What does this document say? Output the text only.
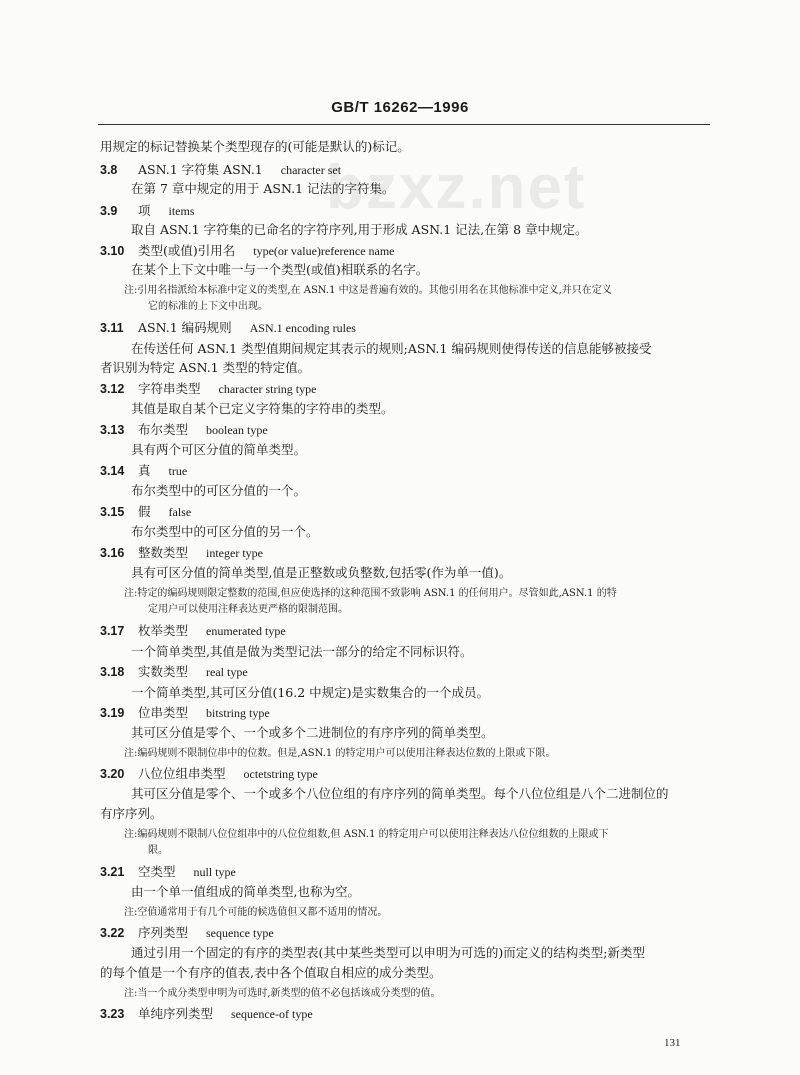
GB/T 16262—1996
bzxz.net
用规定的标记替换某个类型现存的(可能是默认的)标记。
3.8 ASN.1 字符集 ASN.1 character set
在第 7 章中规定的用于 ASN.1 记法的字符集。
3.9 项 items
取自 ASN.1 字符集的已命名的字符序列,用于形成 ASN.1 记法,在第 8 章中规定。
3.10 类型(或值)引用名 type(or value)reference name
在某个上下文中唯一与一个类型(或值)相联系的名字。
注:引用名指派给本标准中定义的类型,在 ASN.1 中这是普遍有效的。其他引用名在其他标准中定义,并只在定义
它的标准的上下文中出现。
3.11 ASN.1 编码规则 ASN.1 encoding rules
在传送任何 ASN.1 类型值期间规定其表示的规则;ASN.1 编码规则使得传送的信息能够被接受
者识别为特定 ASN.1 类型的特定值。
3.12 字符串类型 character string type
其值是取自某个已定义字符集的字符串的类型。
3.13 布尔类型 boolean type
具有两个可区分值的简单类型。
3.14 真 true
布尔类型中的可区分值的一个。
3.15 假 false
布尔类型中的可区分值的另一个。
3.16 整数类型 integer type
具有可区分值的简单类型,值是正整数或负整数,包括零(作为单一值)。
注:特定的编码规则限定整数的范围,但应使选择的这种范围不致影响 ASN.1 的任何用户。尽管如此,ASN.1 的特
定用户可以使用注释表达更严格的限制范围。
3.17 枚举类型 enumerated type
一个简单类型,其值是做为类型记法一部分的给定不同标识符。
3.18 实数类型 real type
一个简单类型,其可区分值(16.2 中规定)是实数集合的一个成员。
3.19 位串类型 bitstring type
其可区分值是零个、一个或多个二进制位的有序序列的简单类型。
注:编码规则不限制位串中的位数。但是,ASN.1 的特定用户可以使用注释表达位数的上限或下限。
3.20 八位位组串类型 octetstring type
其可区分值是零个、一个或多个八位位组的有序序列的简单类型。每个八位位组是八个二进制位的
有序序列。
注:编码规则不限制八位位组串中的八位位组数,但 ASN.1 的特定用户可以使用注释表达八位位组数的上限或下
限。
3.21 空类型 null type
由一个单一值组成的简单类型,也称为空。
注:空值通常用于有几个可能的候选值但又都不适用的情况。
3.22 序列类型 sequence type
通过引用一个固定的有序的类型表(其中某些类型可以申明为可选的)而定义的结构类型;新类型
的每个值是一个有序的值表,表中各个值取自相应的成分类型。
注:当一个成分类型申明为可选时,新类型的值不必包括该成分类型的值。
3.23 单纯序列类型 sequence-of type
131
